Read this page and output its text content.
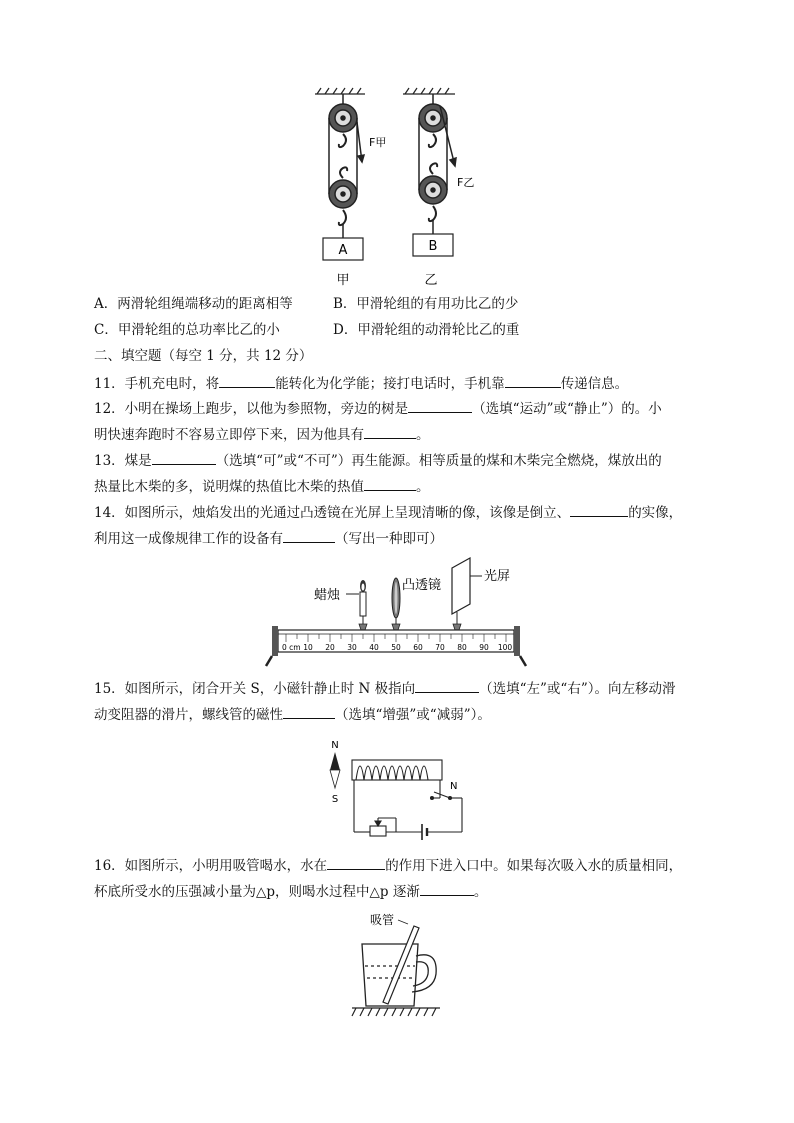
A
F甲
B
F乙
甲	乙
A．两滑轮组绳端移动的距离相等	B．甲滑轮组的有用功比乙的少
C．甲滑轮组的总功率比乙的小	D．甲滑轮组的动滑轮比乙的重
二、填空题（每空 1 分，共 12 分）
11．手机充电时，将	能转化为化学能；接打电话时，手机靠	传递信息。
12．小明在操场上跑步，以他为参照物，旁边的树是	（选填“运动”或“静止”）的。小
明快速奔跑时不容易立即停下来，因为他具有	。
13．煤是	（选填“可”或“不可”）再生能源。相等质量的煤和木柴完全燃烧，煤放出的
热量比木柴的多，说明煤的热值比木柴的热值	。
14．如图所示，烛焰发出的光通过凸透镜在光屏上呈现清晰的像，该像是倒立、	的实像，
利用这一成像规律工作的设备有	（写出一种即可）
蜡烛
凸透镜
光屏
0 cm 10 20 30 40 50 60 70 80 90 100
15．如图所示，闭合开关 S，小磁针静止时 N 极指向	（选填“左”或“右”）。向左移动滑
动变阻器的滑片，螺线管的磁性	（选填“增强”或“减弱”）。
N
S
N
16．如图所示，小明用吸管喝水，水在	的作用下进入口中。如果每次吸入水的质量相同，
杯底所受水的压强减小量为△p，则喝水过程中△p 逐渐	。
吸管
